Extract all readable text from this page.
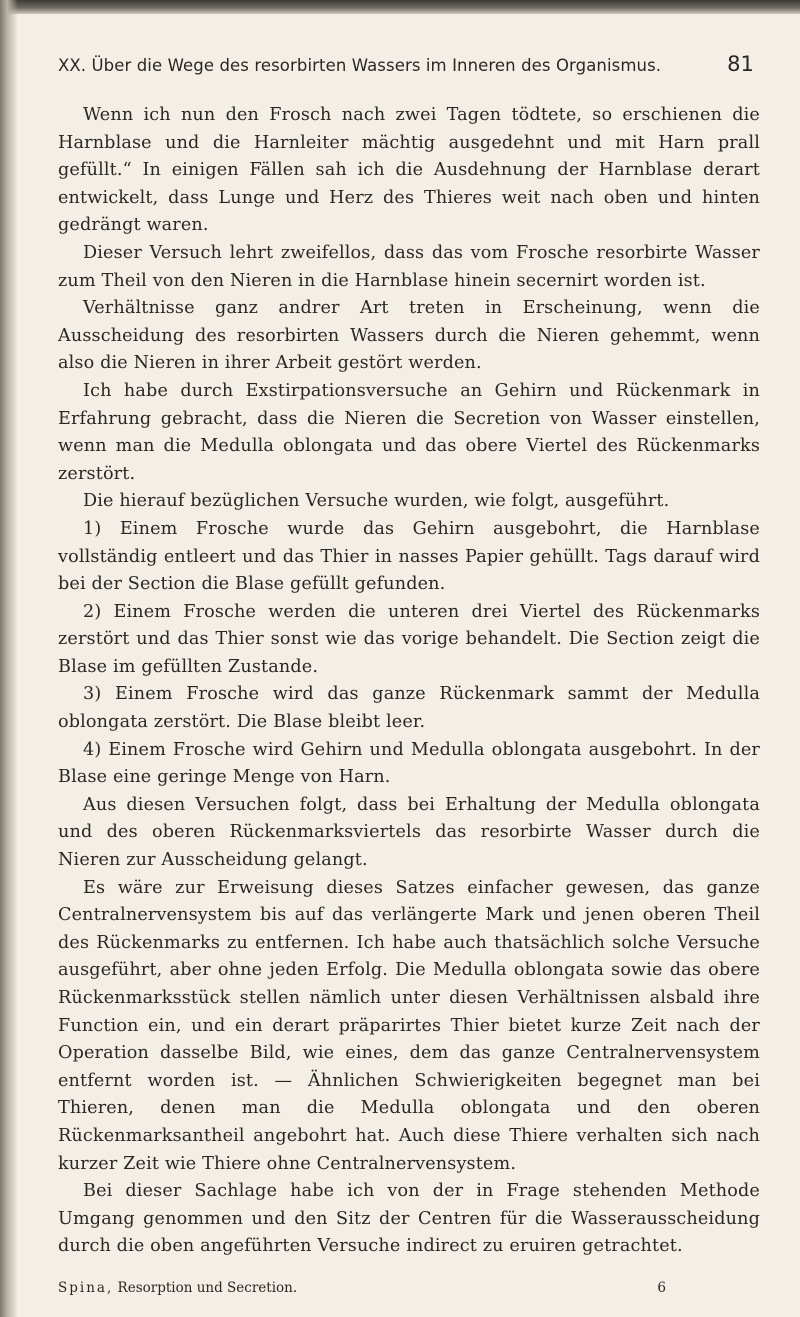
XX. Über die Wege des resorbirten Wassers im Inneren des Organismus.	81

Wenn ich nun den Frosch nach zwei Tagen tödtete, so erschienen die Harnblase und die Harnleiter mächtig ausgedehnt und mit Harn prall gefüllt.“ In einigen Fällen sah ich die Ausdehnung der Harnblase derart entwickelt, dass Lunge und Herz des Thieres weit nach oben und hinten gedrängt waren.

Dieser Versuch lehrt zweifellos, dass das vom Frosche resorbirte Wasser zum Theil von den Nieren in die Harnblase hinein secernirt worden ist.

Verhältnisse ganz andrer Art treten in Erscheinung, wenn die Ausscheidung des resorbirten Wassers durch die Nieren gehemmt, wenn also die Nieren in ihrer Arbeit gestört werden.

Ich habe durch Exstirpationsversuche an Gehirn und Rückenmark in Erfahrung gebracht, dass die Nieren die Secretion von Wasser einstellen, wenn man die Medulla oblongata und das obere Viertel des Rückenmarks zerstört.

Die hierauf bezüglichen Versuche wurden, wie folgt, ausgeführt.

1) Einem Frosche wurde das Gehirn ausgebohrt, die Harnblase vollständig entleert und das Thier in nasses Papier gehüllt. Tags darauf wird bei der Section die Blase gefüllt gefunden.

2) Einem Frosche werden die unteren drei Viertel des Rückenmarks zerstört und das Thier sonst wie das vorige behandelt. Die Section zeigt die Blase im gefüllten Zustande.

3) Einem Frosche wird das ganze Rückenmark sammt der Medulla oblongata zerstört. Die Blase bleibt leer.

4) Einem Frosche wird Gehirn und Medulla oblongata ausgebohrt. In der Blase eine geringe Menge von Harn.

Aus diesen Versuchen folgt, dass bei Erhaltung der Medulla oblongata und des oberen Rückenmarksviertels das resorbirte Wasser durch die Nieren zur Ausscheidung gelangt.

Es wäre zur Erweisung dieses Satzes einfacher gewesen, das ganze Centralnervensystem bis auf das verlängerte Mark und jenen oberen Theil des Rückenmarks zu entfernen. Ich habe auch thatsächlich solche Versuche ausgeführt, aber ohne jeden Erfolg. Die Medulla oblongata sowie das obere Rückenmarksstück stellen nämlich unter diesen Verhältnissen alsbald ihre Function ein, und ein derart präparirtes Thier bietet kurze Zeit nach der Operation dasselbe Bild, wie eines, dem das ganze Centralnervensystem entfernt worden ist. — Ähnlichen Schwierigkeiten begegnet man bei Thieren, denen man die Medulla oblongata und den oberen Rückenmarksantheil angebohrt hat. Auch diese Thiere verhalten sich nach kurzer Zeit wie Thiere ohne Centralnervensystem.

Bei dieser Sachlage habe ich von der in Frage stehenden Methode Umgang genommen und den Sitz der Centren für die Wasserausscheidung durch die oben angeführten Versuche indirect zu eruiren getrachtet.

Spina, Resorption und Secretion.	6
